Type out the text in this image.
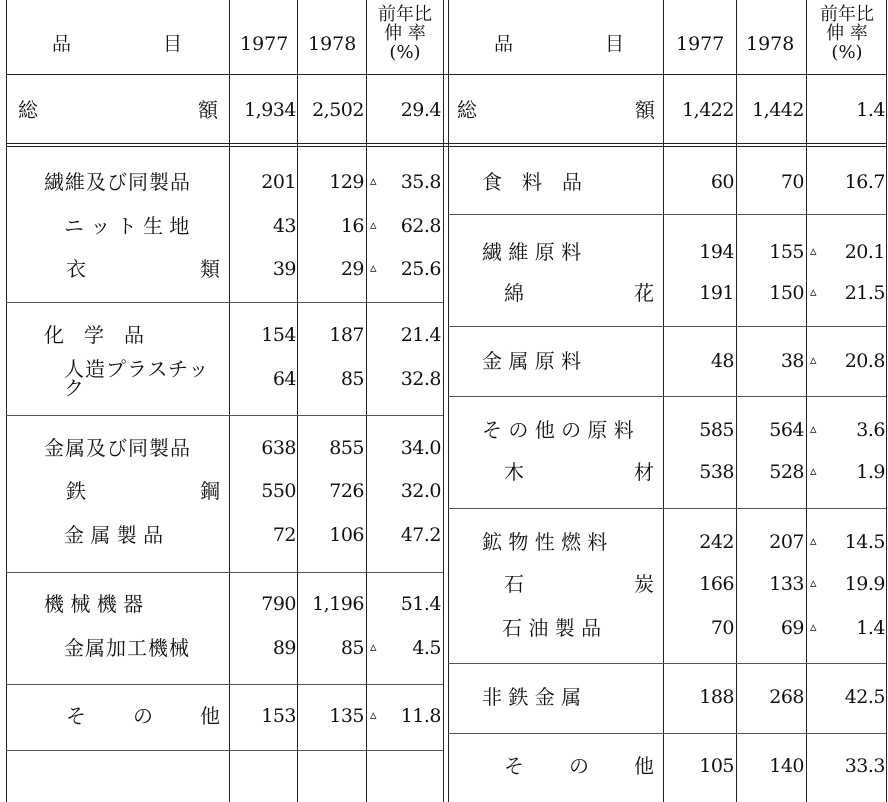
品	目	1977 1978
前年比
伸 率
(%)	品	目	1977 1978
前年比
伸 率
(%)
総	額	1,934 2,502	29.4 総	額	1,422 1,442	1.4
繊維及び同製品	201	129 ▵ 35.8
ニ ッ ト 生 地	43	16 ▵ 62.8
衣	類	39	29 ▵ 25.6
化　学　品	154	187 21.4
人造プラスチッ
ク	64	85 32.8
金属及び同製品	638	855 34.0
鉄	鋼	550	726 32.0
金 属 製 品	72	106 47.2
機 械 機 器	790 1,196 51.4
金属加工機械	89	85 ▵ 4.5
そ の 他	153	135 ▵ 11.8
食　料　品	60	70 16.7
繊 維 原 料	194	155 ▵ 20.1
綿	花	191	150 ▵ 21.5
金 属 原 料	48	38 ▵ 20.8
そ の 他 の 原 料	585	564 ▵ 3.6
木	材	538	528 ▵ 1.9
鉱 物 性 燃 料	242	207 ▵ 14.5
石	炭	166	133 ▵ 19.9
石 油 製 品	70	69 ▵ 1.4
非 鉄 金 属	188	268 42.5
そ の 他	105	140 33.3
